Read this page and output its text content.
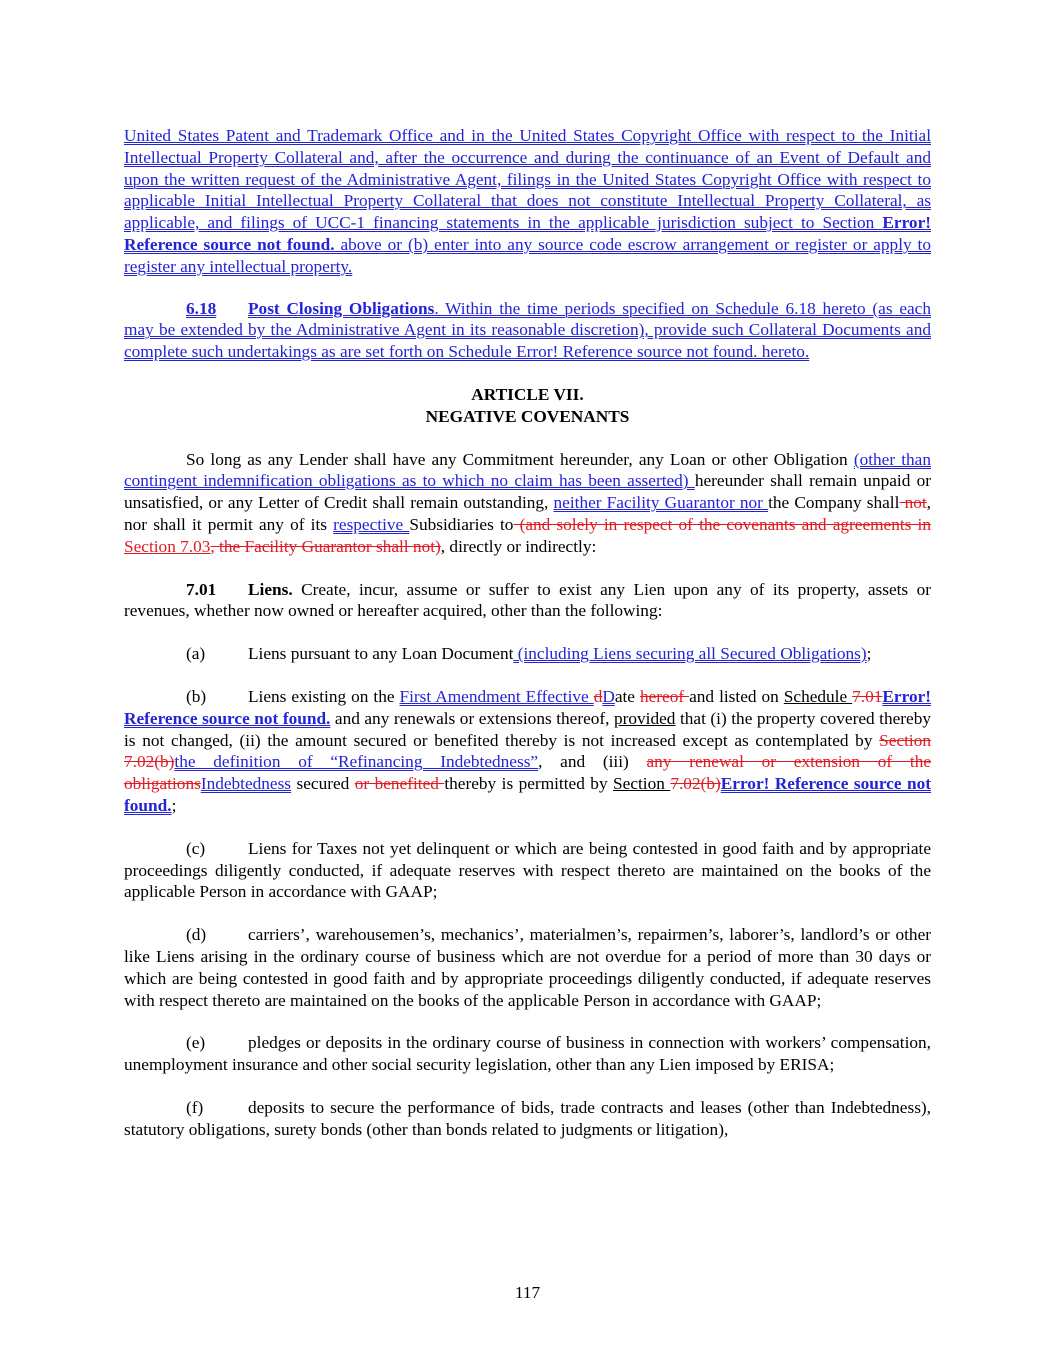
United States Patent and Trademark Office and in the United States Copyright Office with respect to the Initial Intellectual Property Collateral and, after the occurrence and during the continuance of an Event of Default and upon the written request of the Administrative Agent, filings in the United States Copyright Office with respect to applicable Initial Intellectual Property Collateral that does not constitute Intellectual Property Collateral, as applicable, and filings of UCC-1 financing statements in the applicable jurisdiction subject to Section Error! Reference source not found. above or (b) enter into any source code escrow arrangement or register or apply to register any intellectual property.

6.18 Post Closing Obligations. Within the time periods specified on Schedule 6.18 hereto (as each may be extended by the Administrative Agent in its reasonable discretion), provide such Collateral Documents and complete such undertakings as are set forth on Schedule Error! Reference source not found. hereto.

ARTICLE VII.
NEGATIVE COVENANTS

So long as any Lender shall have any Commitment hereunder, any Loan or other Obligation (other than contingent indemnification obligations as to which no claim has been asserted) hereunder shall remain unpaid or unsatisfied, or any Letter of Credit shall remain outstanding, neither Facility Guarantor nor the Company shall not, nor shall it permit any of its respective Subsidiaries to (and solely in respect of the covenants and agreements in Section 7.03, the Facility Guarantor shall not), directly or indirectly:

7.01 Liens. Create, incur, assume or suffer to exist any Lien upon any of its property, assets or revenues, whether now owned or hereafter acquired, other than the following:

(a) Liens pursuant to any Loan Document (including Liens securing all Secured Obligations);

(b) Liens existing on the First Amendment Effective dDate hereof and listed on Schedule 7.01Error! Reference source not found. and any renewals or extensions thereof, provided that (i) the property covered thereby is not changed, (ii) the amount secured or benefited thereby is not increased except as contemplated by Section 7.02(b)the definition of “Refinancing Indebtedness”, and (iii) any renewal or extension of the obligationsIndebtedness secured or benefited thereby is permitted by Section 7.02(b)Error! Reference source not found.;

(c) Liens for Taxes not yet delinquent or which are being contested in good faith and by appropriate proceedings diligently conducted, if adequate reserves with respect thereto are maintained on the books of the applicable Person in accordance with GAAP;

(d) carriers’, warehousemen’s, mechanics’, materialmen’s, repairmen’s, laborer’s, landlord’s or other like Liens arising in the ordinary course of business which are not overdue for a period of more than 30 days or which are being contested in good faith and by appropriate proceedings diligently conducted, if adequate reserves with respect thereto are maintained on the books of the applicable Person in accordance with GAAP;

(e) pledges or deposits in the ordinary course of business in connection with workers’ compensation, unemployment insurance and other social security legislation, other than any Lien imposed by ERISA;

(f)	deposits to secure the performance of bids, trade contracts and leases (other than Indebtedness), statutory obligations, surety bonds (other than bonds related to judgments or litigation),

117
